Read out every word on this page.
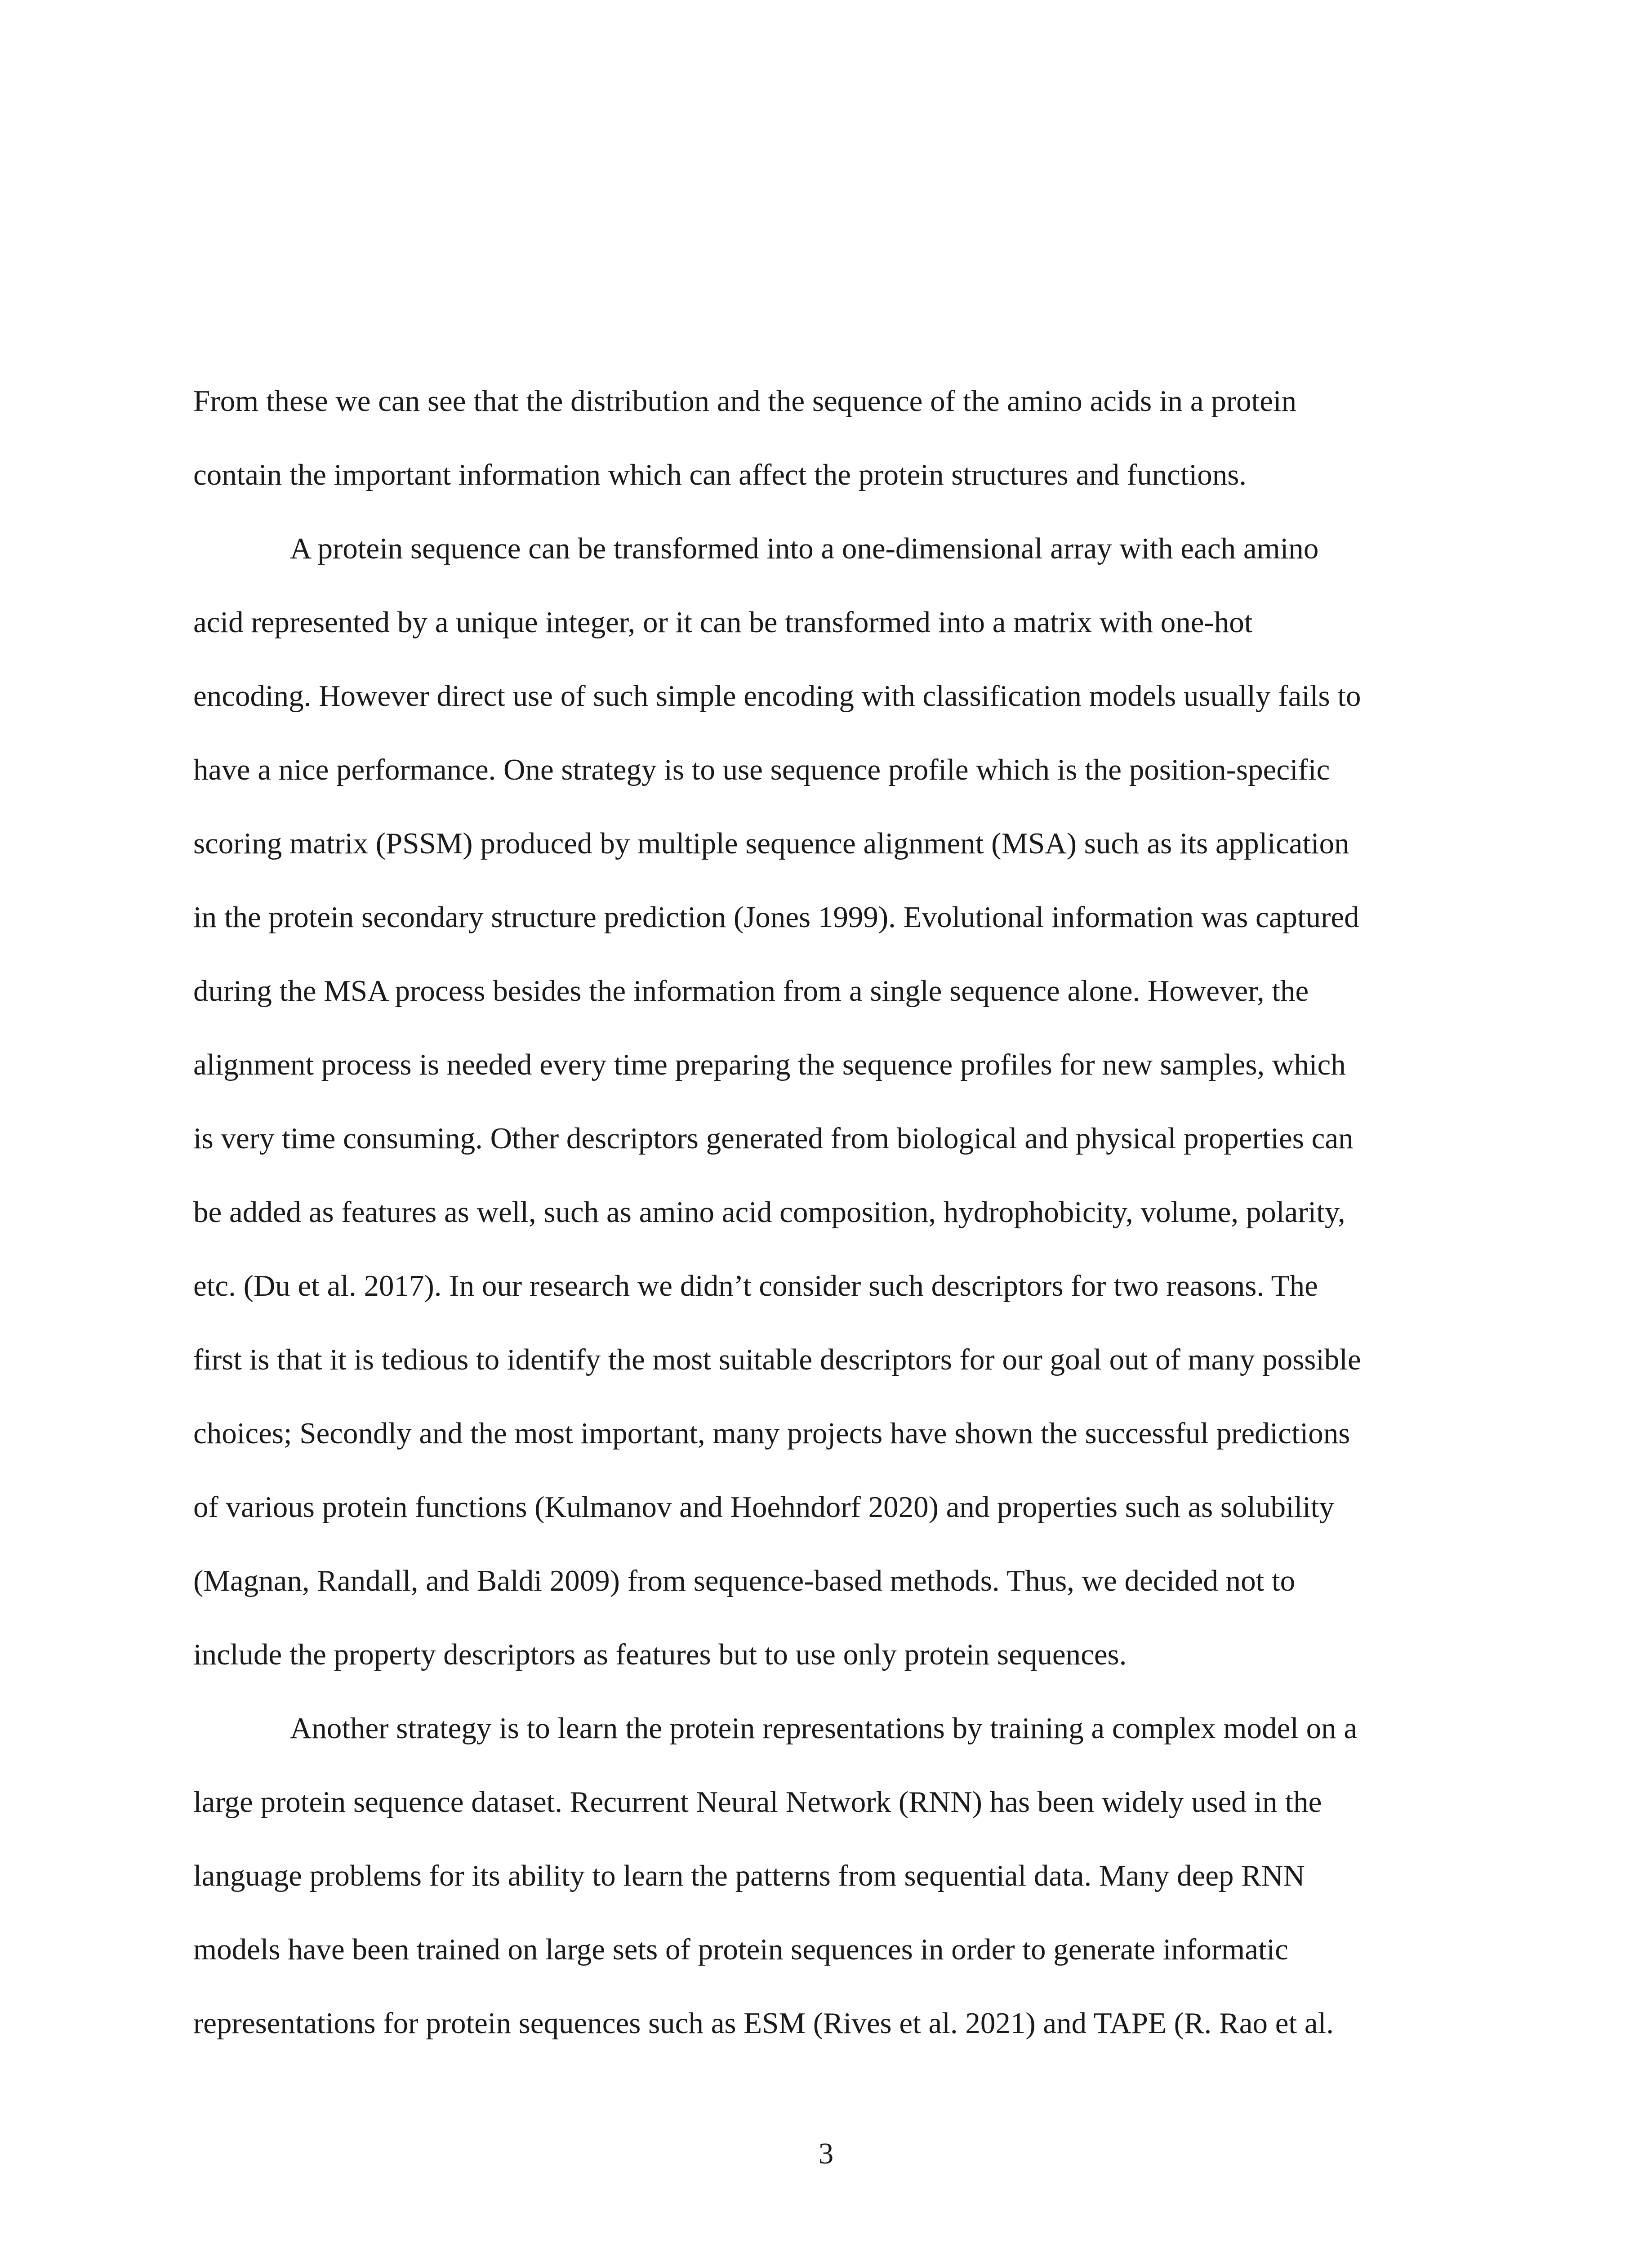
From these we can see that the distribution and the sequence of the amino acids in a protein
contain the important information which can affect the protein structures and functions.
A protein sequence can be transformed into a one-dimensional array with each amino
acid represented by a unique integer, or it can be transformed into a matrix with one-hot
encoding. However direct use of such simple encoding with classification models usually fails to
have a nice performance. One strategy is to use sequence profile which is the position-specific
scoring matrix (PSSM) produced by multiple sequence alignment (MSA) such as its application
in the protein secondary structure prediction (Jones 1999). Evolutional information was captured
during the MSA process besides the information from a single sequence alone. However, the
alignment process is needed every time preparing the sequence profiles for new samples, which
is very time consuming. Other descriptors generated from biological and physical properties can
be added as features as well, such as amino acid composition, hydrophobicity, volume, polarity,
etc. (Du et al. 2017). In our research we didn’t consider such descriptors for two reasons. The
first is that it is tedious to identify the most suitable descriptors for our goal out of many possible
choices; Secondly and the most important, many projects have shown the successful predictions
of various protein functions (Kulmanov and Hoehndorf 2020) and properties such as solubility
(Magnan, Randall, and Baldi 2009) from sequence-based methods. Thus, we decided not to
include the property descriptors as features but to use only protein sequences.
Another strategy is to learn the protein representations by training a complex model on a
large protein sequence dataset. Recurrent Neural Network (RNN) has been widely used in the
language problems for its ability to learn the patterns from sequential data. Many deep RNN
models have been trained on large sets of protein sequences in order to generate informatic
representations for protein sequences such as ESM (Rives et al. 2021) and TAPE (R. Rao et al.
3
